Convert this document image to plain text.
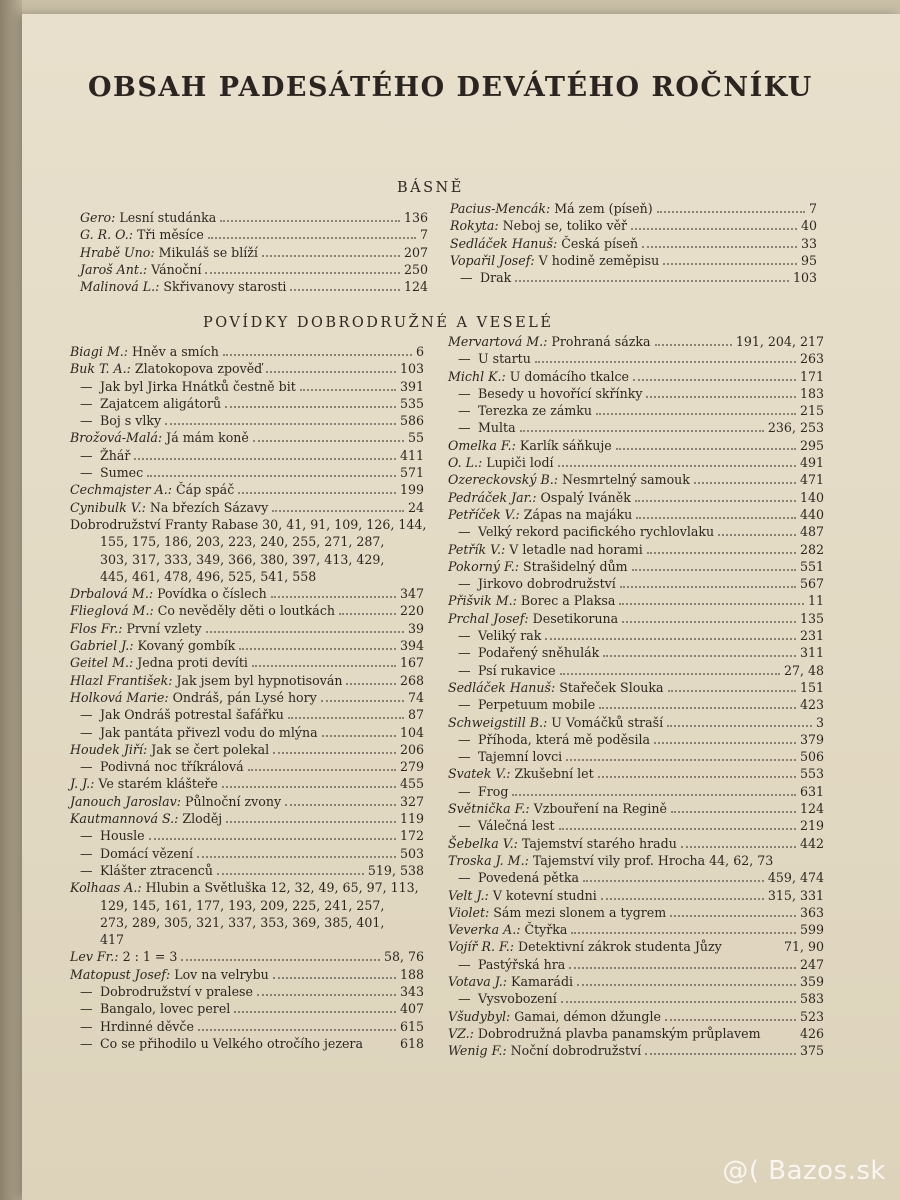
OBSAH PADESÁTÉHO DEVÁTÉHO ROČNÍKU
BÁSNĚ
Gero: Lesní studánka	136
G. R. O.: Tři měsíce	7
Hrabě Uno: Mikuláš se blíží	207
Jaroš Ant.: Vánoční	250
Malinová L.: Skřivanovy starosti	124
Pacius-Mencák: Má zem (píseň)	7
Rokyta: Neboj se, toliko věř	40
Sedláček Hanuš: Česká píseň	33
Vopařil Josef: V hodině zeměpisu	95
— Drak	103
POVÍDKY DOBRODRUŽNÉ A VESELÉ
Biagi M.: Hněv a smích	6
Buk T. A.: Zlatokopova zpověď	103
— Jak byl Jirka Hnátků čestně bit	391
— Zajatcem aligátorů	535
— Boj s vlky	586
Brožová-Malá: Já mám koně	55
— Žhář	411
— Sumec	571
Cechmajster A.: Čáp spáč	199
Cynibulk V.: Na březích Sázavy	24
Dobrodružství Franty Rabase 30, 41, 91, 109, 126, 144,
155, 175, 186, 203, 223, 240, 255, 271, 287,
303, 317, 333, 349, 366, 380, 397, 413, 429,
445, 461, 478, 496, 525, 541, 558
Drbalová M.: Povídka o číslech	347
Flieglová M.: Co nevěděly děti o loutkách	220
Flos Fr.: První vzlety	39
Gabriel J.: Kovaný gombík	394
Geitel M.: Jedna proti devíti	167
Hlazl František: Jak jsem byl hypnotisován	268
Holková Marie: Ondráš, pán Lysé hory	74
— Jak Ondráš potrestal šafářku	87
— Jak pantáta přivezl vodu do mlýna	104
Houdek Jiří: Jak se čert polekal	206
— Podivná noc tříkrálová	279
J. J.: Ve starém klášteře	455
Janouch Jaroslav: Půlnoční zvony	327
Kautmannová S.: Zloděj	119
— Housle	172
— Domácí vězení	503
— Klášter ztracenců	519, 538
Kolhaas A.: Hlubin a Světluška 12, 32, 49, 65, 97, 113,
129, 145, 161, 177, 193, 209, 225, 241, 257,
273, 289, 305, 321, 337, 353, 369, 385, 401,
417
Lev Fr.: 2 : 1 = 3	58, 76
Matopust Josef: Lov na velrybu	188
— Dobrodružství v pralese	343
— Bangalo, lovec perel	407
— Hrdinné děvče	615
— Co se přihodilo u Velkého otročího jezera	618
Mervartová M.: Prohraná sázka	191, 204, 217
— U startu	263
Michl K.: U domácího tkalce	171
— Besedy u hovořící skřínky	183
— Terezka ze zámku	215
— Multa	236, 253
Omelka F.: Karlík sáňkuje	295
O. L.: Lupiči lodí	491
Ozereckovský B.: Nesmrtelný samouk	471
Pedráček Jar.: Ospalý Iváněk	140
Petříček V.: Zápas na majáku	440
— Velký rekord pacifického rychlovlaku	487
Petřík V.: V letadle nad horami	282
Pokorný F.: Strašidelný dům	551
— Jirkovo dobrodružství	567
Přišvik M.: Borec a Plaksa	11
Prchal Josef: Desetikoruna	135
— Veliký rak	231
— Podařený sněhulák	311
— Psí rukavice	27, 48
Sedláček Hanuš: Stařeček Slouka	151
— Perpetuum mobile	423
Schweigstill B.: U Vomáčků straší	3
— Příhoda, která mě poděsila	379
— Tajemní lovci	506
Svatek V.: Zkušební let	553
— Frog	631
Světnička F.: Vzbouření na Regině	124
— Válečná lest	219
Šebelka V.: Tajemství starého hradu	442
Troska J. M.: Tajemství vily prof. Hrocha 44, 62, 73
— Povedená pětka	459, 474
Velt J.: V kotevní studni	315, 331
Violet: Sám mezi slonem a tygrem	363
Veverka A.: Čtyřka	599
Vojíř R. F.: Detektivní zákrok studenta Jůzy	71, 90
— Pastýřská hra	247
Votava J.: Kamarádi	359
— Vysvobození	583
Všudybyl: Gamai, démon džungle	523
VZ.: Dobrodružná plavba panamským průplavem	426
Wenig F.: Noční dobrodružství	375
@( Bazos.sk
